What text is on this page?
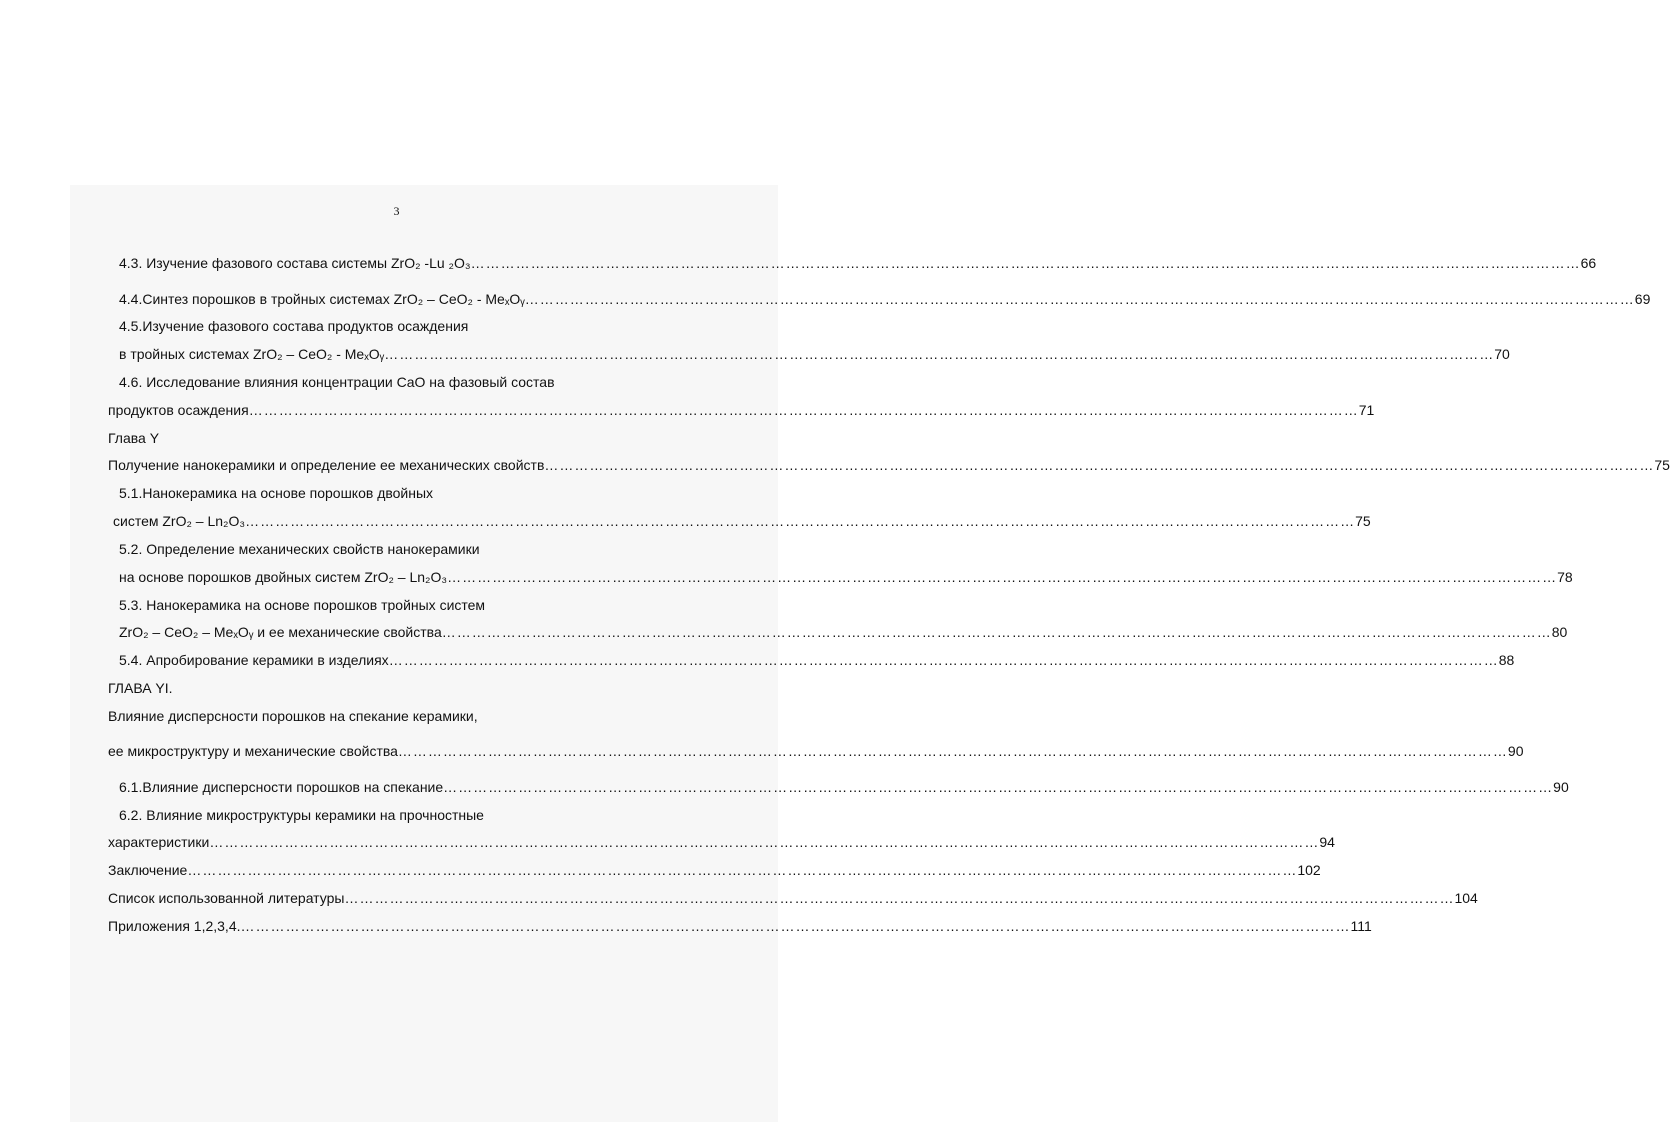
3
4.3. Изучение фазового состава системы ZrO₂ -Lu ₂O₃ …………………………………………………………………………………………………………………………………………………………………………………………………… 66
4.4.Синтез порошков в тройных системах ZrO₂ – CeO₂ - MeₓOᵧ …………………………………………………………………………………………………………………………………………………………………………………………………… 69
4.5.Изучение фазового состава продуктов осаждения
в тройных системах ZrO₂ – CeO₂ - MeₓOᵧ …………………………………………………………………………………………………………………………………………………………………………………………………… 70
4.6. Исследование влияния концентрации CaO на фазовый состав
продуктов осаждения …………………………………………………………………………………………………………………………………………………………………………………………………… 71
Глава Y
Получение нанокерамики и определение ее механических свойств …………………………………………………………………………………………………………………………………………………………………………………………………… 75
5.1.Нанокерамика на основе порошков двойных
систем ZrO₂ – Ln₂O₃ …………………………………………………………………………………………………………………………………………………………………………………………………… 75
5.2. Определение механических свойств нанокерамики
на основе порошков двойных систем ZrO₂ – Ln₂O₃ …………………………………………………………………………………………………………………………………………………………………………………………………… 78
5.3. Нанокерамика на основе порошков тройных систем
ZrO₂ – CeO₂ – MeₓOᵧ и ее механические свойства …………………………………………………………………………………………………………………………………………………………………………………………………… 80
5.4. Апробирование керамики в изделиях …………………………………………………………………………………………………………………………………………………………………………………………………… 88
ГЛАВА YI.
Влияние дисперсности порошков на спекание керамики,
ее микроструктуру и механические свойства …………………………………………………………………………………………………………………………………………………………………………………………………… 90
6.1.Влияние дисперсности порошков на спекание …………………………………………………………………………………………………………………………………………………………………………………………………… 90
6.2. Влияние микроструктуры керамики на прочностные
характеристики …………………………………………………………………………………………………………………………………………………………………………………………………… 94
Заключение …………………………………………………………………………………………………………………………………………………………………………………………………… 102
Список использованной литературы …………………………………………………………………………………………………………………………………………………………………………………………………… 104
Приложения 1,2,3,4. …………………………………………………………………………………………………………………………………………………………………………………………………… 111
